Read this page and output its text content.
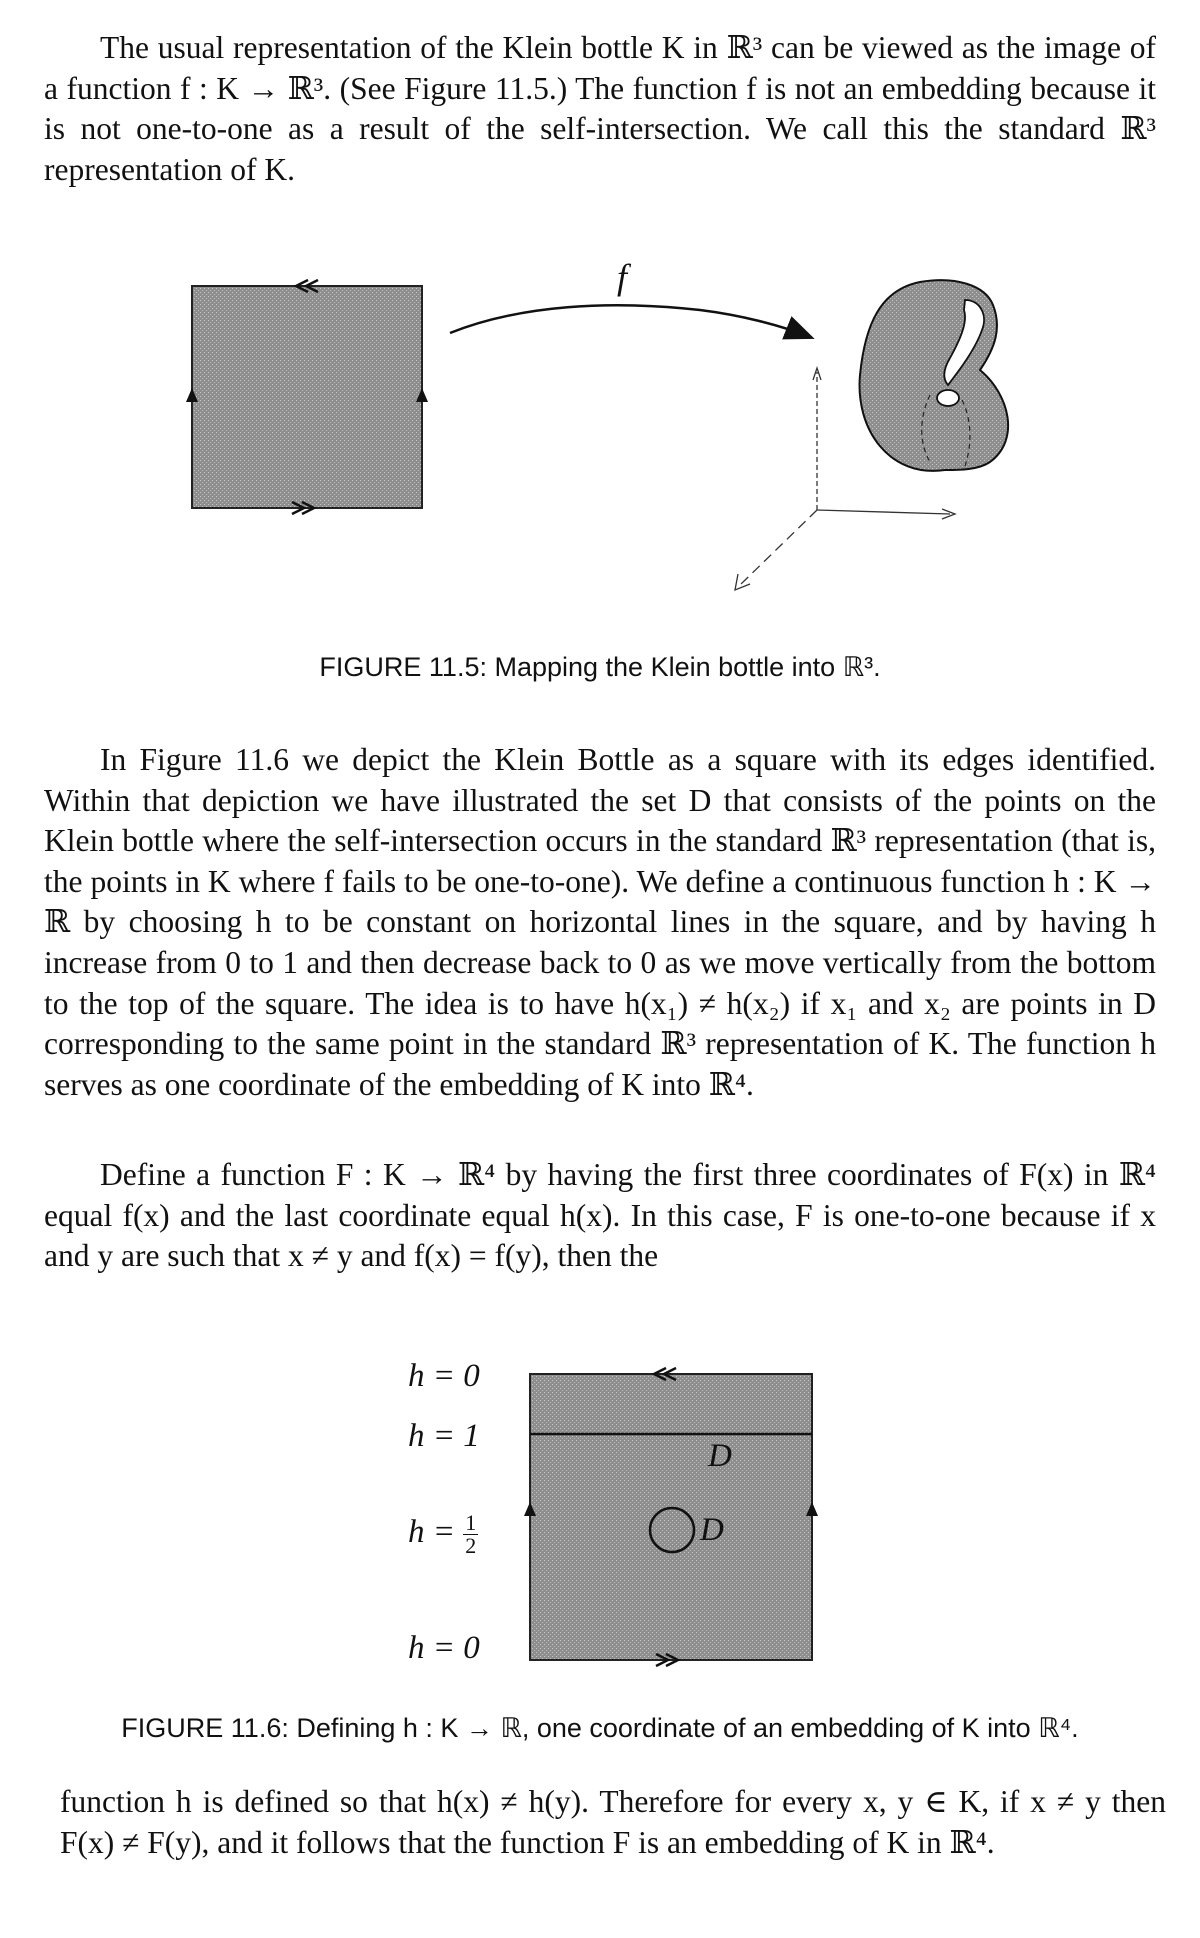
The usual representation of the Klein bottle K in ℝ³ can be viewed as the image of a function f : K → ℝ³. (See Figure 11.5.) The function f is not an embedding because it is not one-to-one as a result of the self-intersection. We call this the standard ℝ³ representation of K.
f
FIGURE 11.5: Mapping the Klein bottle into ℝ³.
In Figure 11.6 we depict the Klein Bottle as a square with its edges identified. Within that depiction we have illustrated the set D that consists of the points on the Klein bottle where the self-intersection occurs in the standard ℝ³ representation (that is, the points in K where f fails to be one-to-one). We define a continuous function h : K → ℝ by choosing h to be constant on horizontal lines in the square, and by having h increase from 0 to 1 and then decrease back to 0 as we move vertically from the bottom to the top of the square. The idea is to have h(x₁) ≠ h(x₂) if x₁ and x₂ are points in D corresponding to the same point in the standard ℝ³ representation of K. The function h serves as one coordinate of the embedding of K into ℝ⁴.
Define a function F : K → ℝ⁴ by having the first three coordinates of F(x) in ℝ⁴ equal f(x) and the last coordinate equal h(x). In this case, F is one-to-one because if x and y are such that x ≠ y and f(x) = f(y), then the
D
D
h = 0
h = 1
$h = \frac{1}{2}$
h = 0
FIGURE 11.6: Defining h : K → ℝ, one coordinate of an embedding of K into ℝ⁴.
function h is defined so that h(x) ≠ h(y). Therefore for every x, y ∈ K, if x ≠ y then F(x) ≠ F(y), and it follows that the function F is an embedding of K in ℝ⁴.
